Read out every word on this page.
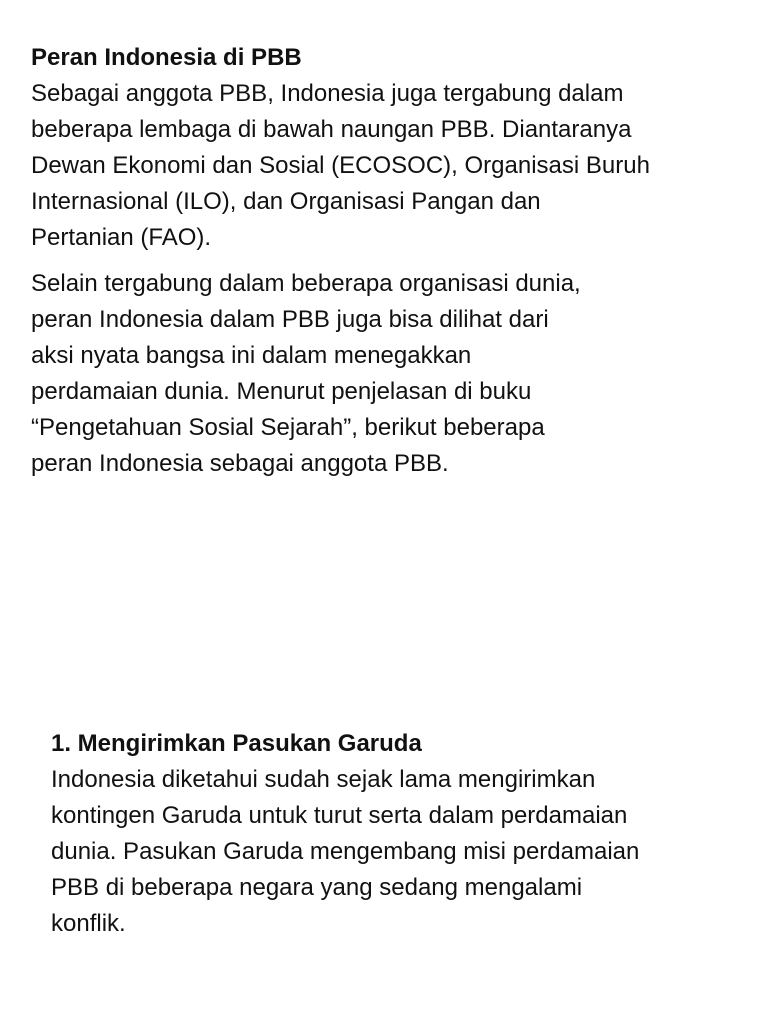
Peran Indonesia di PBB

Sebagai anggota PBB, Indonesia juga tergabung dalam

beberapa lembaga di bawah naungan PBB. Diantaranya

Dewan Ekonomi dan Sosial (ECOSOC), Organisasi Buruh

Internasional (ILO), dan Organisasi Pangan dan

Pertanian (FAO).

Selain tergabung dalam beberapa organisasi dunia,

peran Indonesia dalam PBB juga bisa dilihat dari

aksi nyata bangsa ini dalam menegakkan

perdamaian dunia. Menurut penjelasan di buku

“Pengetahuan Sosial Sejarah”, berikut beberapa

peran Indonesia sebagai anggota PBB.

1. Mengirimkan Pasukan Garuda

Indonesia diketahui sudah sejak lama mengirimkan

kontingen Garuda untuk turut serta dalam perdamaian

dunia. Pasukan Garuda mengembang misi perdamaian

PBB di beberapa negara yang sedang mengalami

konflik.
